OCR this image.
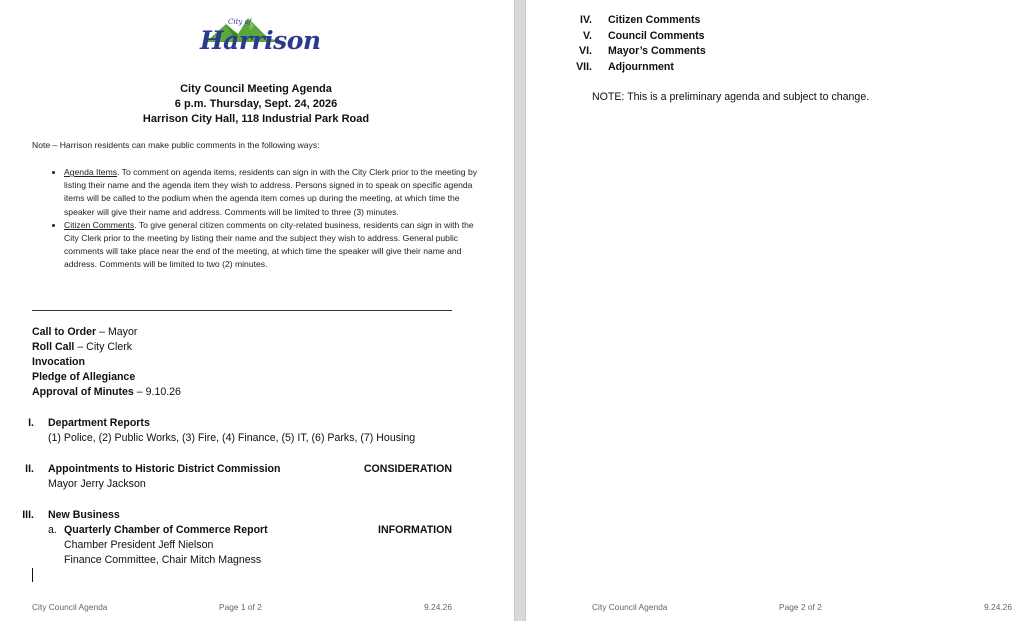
City of
Harrison
City Council Meeting Agenda
6 p.m. Thursday, Sept. 24, 2026
Harrison City Hall, 118 Industrial Park Road
Note – Harrison residents can make public comments in the following ways:
• Agenda Items. To comment on agenda items, residents can sign in with the City Clerk prior to the meeting by listing their name and the agenda item they wish to address. Persons signed in to speak on specific agenda items will be called to the podium when the agenda item comes up during the meeting, at which time the speaker will give their name and address. Comments will be limited to three (3) minutes.
• Citizen Comments. To give general citizen comments on city-related business, residents can sign in with the City Clerk prior to the meeting by listing their name and the subject they wish to address. General public comments will take place near the end of the meeting, at which time the speaker will give their name and address. Comments will be limited to two (2) minutes.
Call to Order – Mayor
Roll Call – City Clerk
Invocation
Pledge of Allegiance
Approval of Minutes – 9.10.26
I. Department Reports
(1) Police, (2) Public Works, (3) Fire, (4) Finance, (5) IT, (6) Parks, (7) Housing
II. Appointments to Historic District Commission	CONSIDERATION
Mayor Jerry Jackson
III. New Business
a. Quarterly Chamber of Commerce Report	INFORMATION
Chamber President Jeff Nielson
Finance Committee, Chair Mitch Magness
City Council Agenda	Page 1 of 2	9.24.26
IV. Citizen Comments
V. Council Comments
VI. Mayor’s Comments
VII. Adjournment
NOTE: This is a preliminary agenda and subject to change.
City Council Agenda	Page 2 of 2	9.24.26
